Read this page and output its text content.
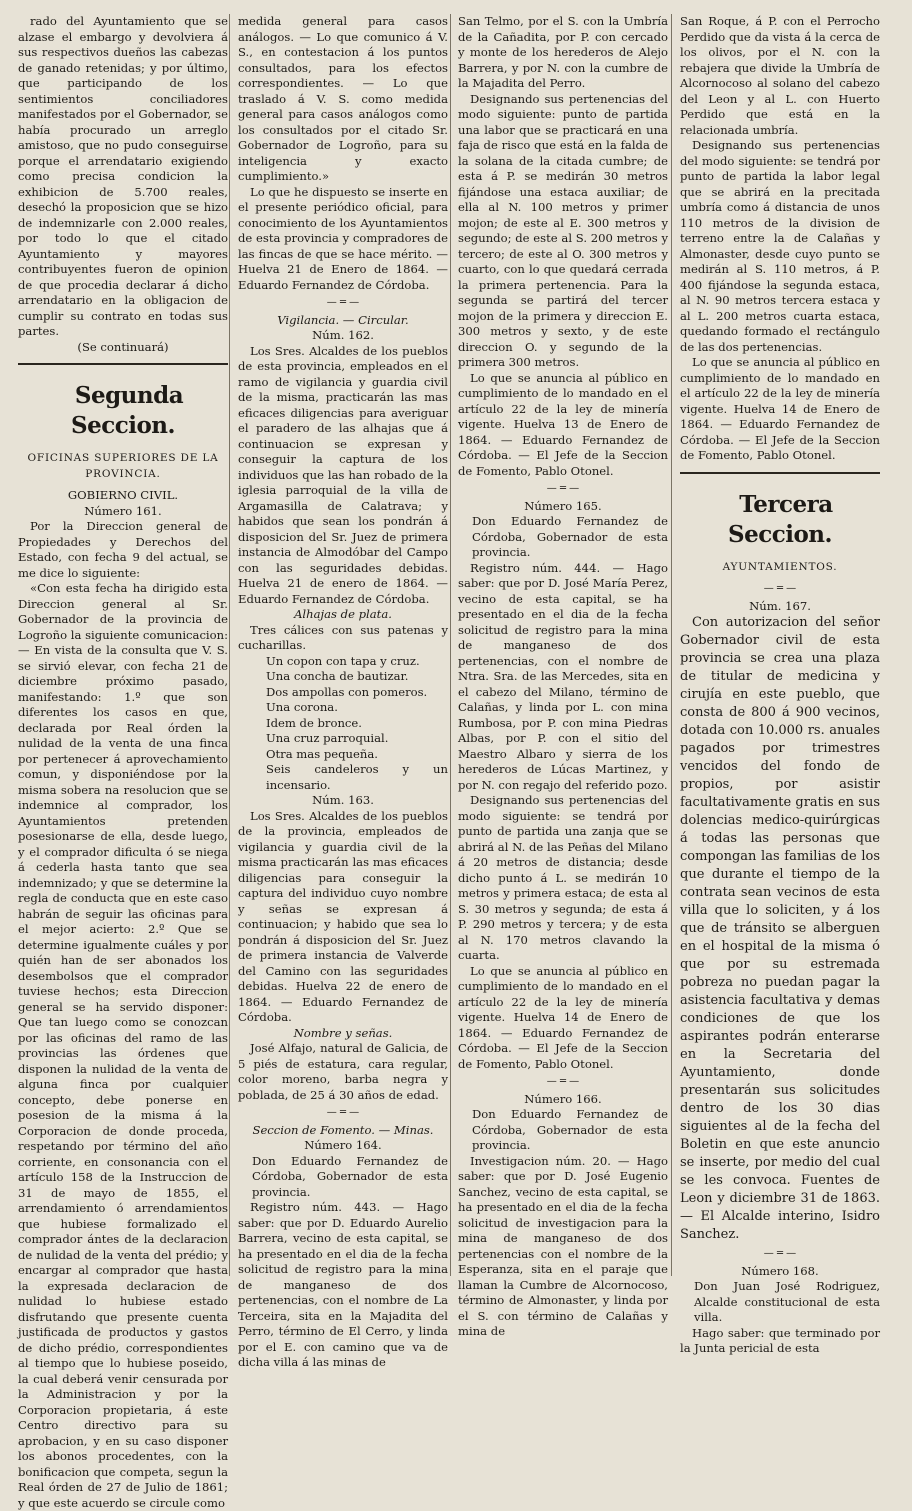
rado del Ayuntamiento que se alzase el embargo y devolviera á sus respectivos dueños las cabezas de ganado retenidas; y por último, que participando de los sentimientos conciliadores manifestados por el Gobernador, se había procurado un arreglo amistoso, que no pudo conseguirse porque el arrendatario exigiendo como precisa condicion la exhibicion de 5.700 reales, desechó la proposicion que se hizo de indemnizarle con 2.000 reales, por todo lo que el citado Ayuntamiento y mayores contribuyentes fueron de opinion de que procedia declarar á dicho arrendatario en la obligacion de cumplir su contrato en todas sus partes.

(Se continuará)

Segunda Seccion.

OFICINAS SUPERIORES DE LA PROVINCIA.

GOBIERNO CIVIL.

Número 161.

Por la Direccion general de Propiedades y Derechos del Estado, con fecha 9 del actual, se me dice lo siguiente:

«Con esta fecha ha dirigido esta Direccion general al Sr. Gobernador de la provincia de Logroño la siguiente comunicacion: — En vista de la consulta que V. S. se sirvió elevar, con fecha 21 de diciembre próximo pasado, manifestando: 1.º que son diferentes los casos en que, declarada por Real órden la nulidad de la venta de una finca por pertenecer á aprovechamiento comun, y disponiéndose por la misma sobera na resolucion que se indemnice al comprador, los Ayuntamientos pretenden posesionarse de ella, desde luego, y el comprador dificulta ó se niega á cederla hasta tanto que sea indemnizado; y que se determine la regla de conducta que en este caso habrán de seguir las oficinas para el mejor acierto: 2.º Que se determine igualmente cuáles y por quién han de ser abonados los desembolsos que el comprador tuviese hechos; esta Direccion general se ha servido disponer: Que tan luego como se conozcan por las oficinas del ramo de las provincias las órdenes que disponen la nulidad de la venta de alguna finca por cualquier concepto, debe ponerse en posesion de la misma á la Corporacion de donde proceda, respetando por término del año corriente, en consonancia con el artículo 158 de la Instruccion de 31 de mayo de 1855, el arrendamiento ó arrendamientos que hubiese formalizado el comprador ántes de la declaracion de nulidad de la venta del prédio; y encargar al comprador que hasta la expresada declaracion de nulidad lo hubiese estado disfrutando que presente cuenta justificada de productos y gastos de dicho prédio, correspondientes al tiempo que lo hubiese poseido, la cual deberá venir censurada por la Administracion y por la Corporacion propietaria, á este Centro directivo para su aprobacion, y en su caso disponer los abonos procedentes, con la bonificacion que competa, segun la Real órden de 27 de Julio de 1861; y que este acuerdo se circule como

medida general para casos análogos. — Lo que comunico á V. S., en contestacion á los puntos consultados, para los efectos correspondientes. — Lo que traslado á V. S. como medida general para casos análogos como los consultados por el citado Sr. Gobernador de Logroño, para su inteligencia y exacto cumplimiento.»

Lo que he dispuesto se inserte en el presente periódico oficial, para conocimiento de los Ayuntamientos de esta provincia y compradores de las fincas de que se hace mérito. — Huelva 21 de Enero de 1864. — Eduardo Fernandez de Córdoba.

— ═ —

Vigilancia. — Circular.

Núm. 162.

Los Sres. Alcaldes de los pueblos de esta provincia, empleados en el ramo de vigilancia y guardia civil de la misma, practicarán las mas eficaces diligencias para averiguar el paradero de las alhajas que á continuacion se expresan y conseguir la captura de los individuos que las han robado de la iglesia parroquial de la villa de Argamasilla de Calatrava; y habidos que sean los pondrán á disposicion del Sr. Juez de primera instancia de Almodóbar del Campo con las seguridades debidas. Huelva 21 de enero de 1864. — Eduardo Fernandez de Córdoba.

Alhajas de plata.

Tres cálices con sus patenas y cucharillas.

Un copon con tapa y cruz.

Una concha de bautizar.

Dos ampollas con pomeros.

Una corona.

Idem de bronce.

Una cruz parroquial.

Otra mas pequeña.

Seis candeleros y un incensario.

Núm. 163.

Los Sres. Alcaldes de los pueblos de la provincia, empleados de vigilancia y guardia civil de la misma practicarán las mas eficaces diligencias para conseguir la captura del individuo cuyo nombre y señas se expresan á continuacion; y habido que sea lo pondrán á disposicion del Sr. Juez de primera instancia de Valverde del Camino con las seguridades debidas. Huelva 22 de enero de 1864. — Eduardo Fernandez de Córdoba.

Nombre y señas.

José Alfajo, natural de Galicia, de 5 piés de estatura, cara regular, color moreno, barba negra y poblada, de 25 á 30 años de edad.

— ═ —

Seccion de Fomento. — Minas.

Número 164.

Don Eduardo Fernandez de Córdoba, Gobernador de esta provincia.

Registro núm. 443. — Hago saber: que por D. Eduardo Aurelio Barrera, vecino de esta capital, se ha presentado en el dia de la fecha solicitud de registro para la mina de manganeso de dos pertenencias, con el nombre de La Terceira, sita en la Majadita del Perro, término de El Cerro, y linda por el E. con camino que va de dicha villa á las minas de

San Telmo, por el S. con la Umbría de la Cañadita, por P. con cercado y monte de los herederos de Alejo Barrera, y por N. con la cumbre de la Majadita del Perro.

Designando sus pertenencias del modo siguiente: punto de partida una labor que se practicará en una faja de risco que está en la falda de la solana de la citada cumbre; de esta á P. se medirán 30 metros fijándose una estaca auxiliar; de ella al N. 100 metros y primer mojon; de este al E. 300 metros y segundo; de este al S. 200 metros y tercero; de este al O. 300 metros y cuarto, con lo que quedará cerrada la primera pertenencia. Para la segunda se partirá del tercer mojon de la primera y direccion E. 300 metros y sexto, y de este direccion O. y segundo de la primera 300 metros.

Lo que se anuncia al público en cumplimiento de lo mandado en el artículo 22 de la ley de minería vigente. Huelva 13 de Enero de 1864. — Eduardo Fernandez de Córdoba. — El Jefe de la Seccion de Fomento, Pablo Otonel.

— ═ —

Número 165.

Don Eduardo Fernandez de Córdoba, Gobernador de esta provincia.

Registro núm. 444. — Hago saber: que por D. José María Perez, vecino de esta capital, se ha presentado en el dia de la fecha solicitud de registro para la mina de manganeso de dos pertenencias, con el nombre de Ntra. Sra. de las Mercedes, sita en el cabezo del Milano, término de Calañas, y linda por L. con mina Rumbosa, por P. con mina Piedras Albas, por P. con el sitio del Maestro Albaro y sierra de los herederos de Lúcas Martinez, y por N. con regajo del referido pozo.

Designando sus pertenencias del modo siguiente: se tendrá por punto de partida una zanja que se abrirá al N. de las Peñas del Milano á 20 metros de distancia; desde dicho punto á L. se medirán 10 metros y primera estaca; de esta al S. 30 metros y segunda; de esta á P. 290 metros y tercera; y de esta al N. 170 metros clavando la cuarta.

Lo que se anuncia al público en cumplimiento de lo mandado en el artículo 22 de la ley de minería vigente. Huelva 14 de Enero de 1864. — Eduardo Fernandez de Córdoba. — El Jefe de la Seccion de Fomento, Pablo Otonel.

— ═ —

Número 166.

Don Eduardo Fernandez de Córdoba, Gobernador de esta provincia.

Investigacion núm. 20. — Hago saber: que por D. José Eugenio Sanchez, vecino de esta capital, se ha presentado en el dia de la fecha solicitud de investigacion para la mina de manganeso de dos pertenencias con el nombre de la Esperanza, sita en el paraje que llaman la Cumbre de Alcornocoso, término de Almonaster, y linda por el S. con término de Calañas y mina de

San Roque, á P. con el Perrocho Perdido que da vista á la cerca de los olivos, por el N. con la rebajera que divide la Umbría de Alcornocoso al solano del cabezo del Leon y al L. con Huerto Perdido que está en la relacionada umbría.

Designando sus pertenencias del modo siguiente: se tendrá por punto de partida la labor legal que se abrirá en la precitada umbría como á distancia de unos 110 metros de la division de terreno entre la de Calañas y Almonaster, desde cuyo punto se medirán al S. 110 metros, á P. 400 fijándose la segunda estaca, al N. 90 metros tercera estaca y al L. 200 metros cuarta estaca, quedando formado el rectángulo de las dos pertenencias.

Lo que se anuncia al público en cumplimiento de lo mandado en el artículo 22 de la ley de minería vigente. Huelva 14 de Enero de 1864. — Eduardo Fernandez de Córdoba. — El Jefe de la Seccion de Fomento, Pablo Otonel.

Tercera Seccion.

AYUNTAMIENTOS.

— ═ —

Núm. 167.

Con autorizacion del señor Gobernador civil de esta provincia se crea una plaza de titular de medicina y cirujía en este pueblo, que consta de 800 á 900 vecinos, dotada con 10.000 rs. anuales pagados por trimestres vencidos del fondo de propios, por asistir facultativamente gratis en sus dolencias medico-quirúrgicas á todas las personas que compongan las familias de los que durante el tiempo de la contrata sean vecinos de esta villa que lo soliciten, y á los que de tránsito se alberguen en el hospital de la misma ó que por su estremada pobreza no puedan pagar la asistencia facultativa y demas condiciones de que los aspirantes podrán enterarse en la Secretaria del Ayuntamiento, donde presentarán sus solicitudes dentro de los 30 dias siguientes al de la fecha del Boletin en que este anuncio se inserte, por medio del cual se les convoca. Fuentes de Leon y diciembre 31 de 1863. — El Alcalde interino, Isidro Sanchez.

— ═ —

Número 168.

Don Juan José Rodriguez, Alcalde constitucional de esta villa.

Hago saber: que terminado por la Junta pericial de esta
